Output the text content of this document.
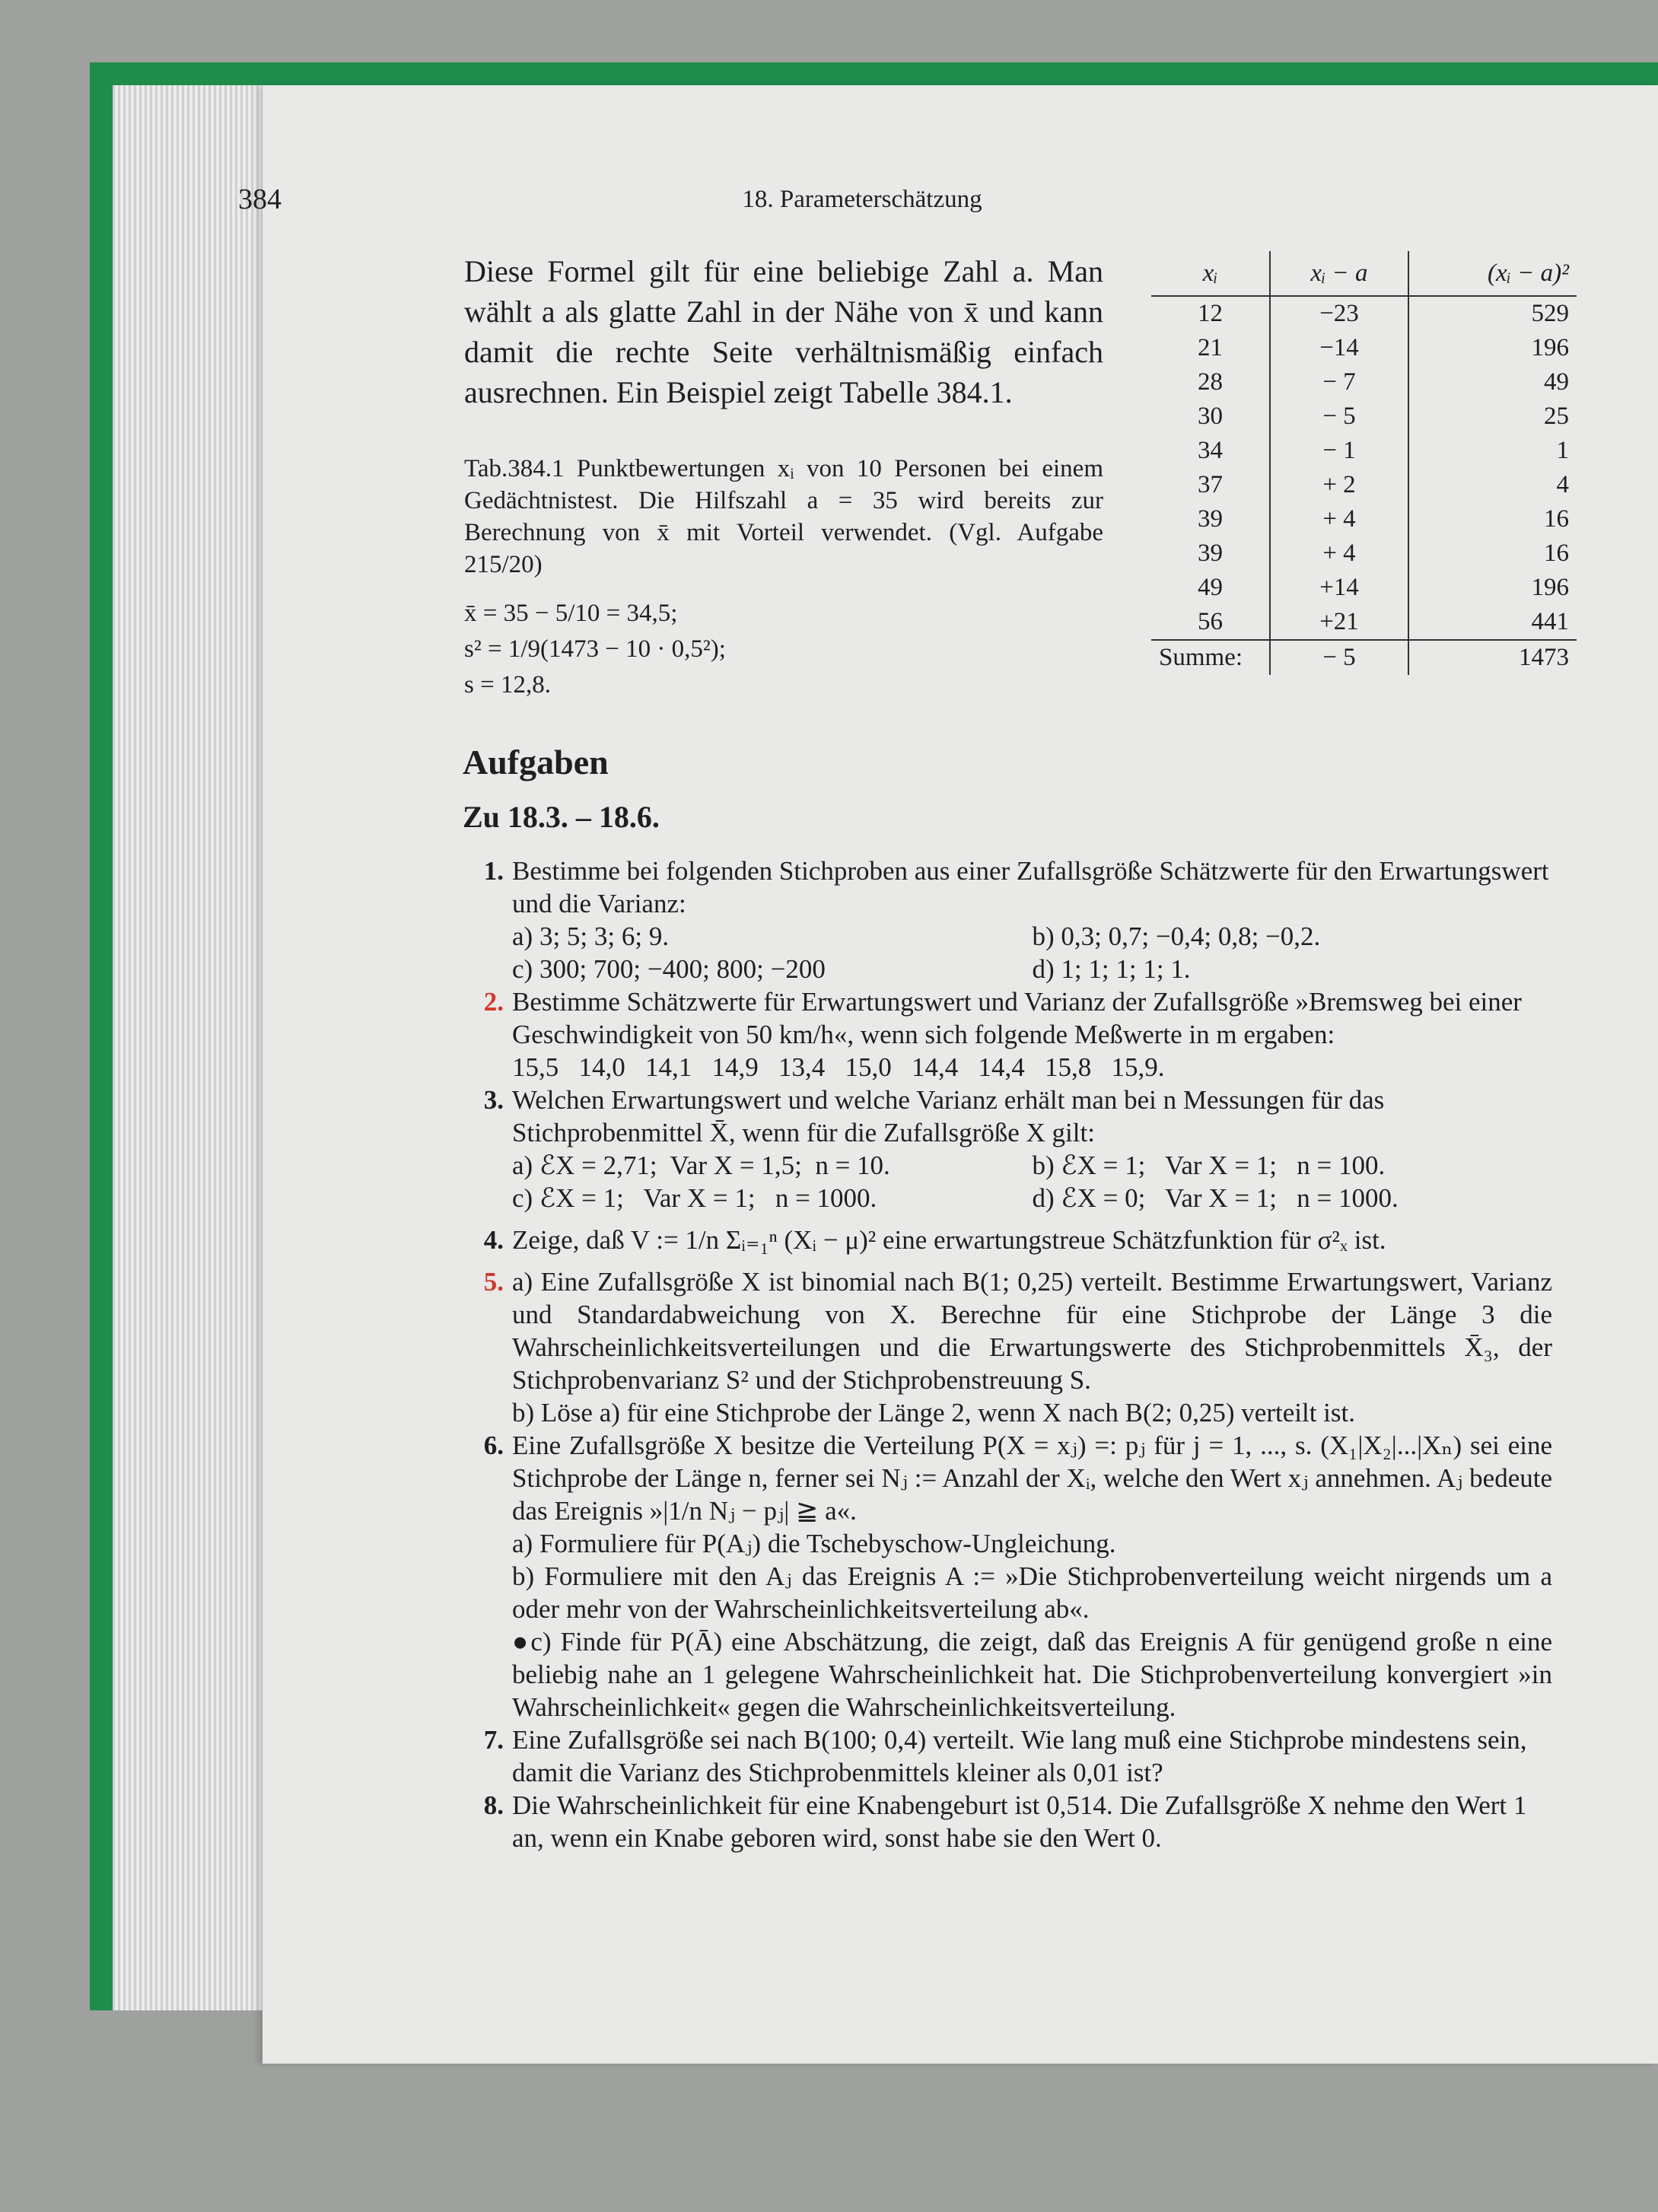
384	18. Parameterschätzung
Diese Formel gilt für eine beliebige Zahl a. Man wählt a als glatte Zahl in der Nähe von x̄ und kann damit die rechte Seite verhältnismäßig einfach ausrechnen. Ein Beispiel zeigt Tabelle 384.1.
Tab.384.1 Punktbewertungen xᵢ von 10 Personen bei einem Gedächtnistest. Die Hilfszahl a = 35 wird bereits zur Berechnung von x̄ mit Vorteil verwendet. (Vgl. Aufgabe 215/20)
x̄ = 35 − 5/10 = 34,5;
s² = 1/9(1473 − 10 · 0,5²);
s = 12,8.
xᵢ	xᵢ − a	(xᵢ − a)²
12	−23	529
21	−14	196
28	− 7	49
30	− 5	25
34	− 1	1
37	+ 2	4
39	+ 4	16
39	+ 4	16
49	+14	196
56	+21	441
Summe:	− 5	1473
Aufgaben
Zu 18.3. – 18.6.
1. Bestimme bei folgenden Stichproben aus einer Zufallsgröße Schätzwerte für den Erwartungswert und die Varianz:
a) 3; 5; 3; 6; 9.	b) 0,3; 0,7; −0,4; 0,8; −0,2.
c) 300; 700; −400; 800; −200	d) 1; 1; 1; 1; 1.
2. Bestimme Schätzwerte für Erwartungswert und Varianz der Zufallsgröße »Bremsweg bei einer Geschwindigkeit von 50 km/h«, wenn sich folgende Meßwerte in m ergaben:
15,5   14,0   14,1   14,9   13,4   15,0   14,4   14,4   15,8   15,9.
3. Welchen Erwartungswert und welche Varianz erhält man bei n Messungen für das Stichprobenmittel X̄, wenn für die Zufallsgröße X gilt:
a) ℰX = 2,71;  Var X = 1,5;  n = 10.	b) ℰX = 1;   Var X = 1;   n = 100.
c) ℰX = 1;   Var X = 1;   n = 1000.	d) ℰX = 0;   Var X = 1;   n = 1000.
4. Zeige, daß V := 1/n Σᵢ₌₁ⁿ (Xᵢ − μ)² eine erwartungstreue Schätzfunktion für σ²ₓ ist.
5. a) Eine Zufallsgröße X ist binomial nach B(1; 0,25) verteilt. Bestimme Erwartungswert, Varianz und Standardabweichung von X. Berechne für eine Stichprobe der Länge 3 die Wahrscheinlichkeitsverteilungen und die Erwartungswerte des Stichprobenmittels X̄₃, der Stichprobenvarianz S² und der Stichprobenstreuung S.
b) Löse a) für eine Stichprobe der Länge 2, wenn X nach B(2; 0,25) verteilt ist.
6. Eine Zufallsgröße X besitze die Verteilung P(X = xⱼ) =: pⱼ für j = 1, ..., s. (X₁|X₂|...|Xₙ) sei eine Stichprobe der Länge n, ferner sei Nⱼ := Anzahl der Xᵢ, welche den Wert xⱼ annehmen. Aⱼ bedeute das Ereignis »|1/n Nⱼ − pⱼ| ≧ a«.
a) Formuliere für P(Aⱼ) die Tschebyschow-Ungleichung.
b) Formuliere mit den Aⱼ das Ereignis A := »Die Stichprobenverteilung weicht nirgends um a oder mehr von der Wahrscheinlichkeitsverteilung ab«.
●c) Finde für P(Ā) eine Abschätzung, die zeigt, daß das Ereignis A für genügend große n eine beliebig nahe an 1 gelegene Wahrscheinlichkeit hat. Die Stichprobenverteilung konvergiert »in Wahrscheinlichkeit« gegen die Wahrscheinlichkeitsverteilung.
7. Eine Zufallsgröße sei nach B(100; 0,4) verteilt. Wie lang muß eine Stichprobe mindestens sein, damit die Varianz des Stichprobenmittels kleiner als 0,01 ist?
8. Die Wahrscheinlichkeit für eine Knabengeburt ist 0,514. Die Zufallsgröße X nehme den Wert 1 an, wenn ein Knabe geboren wird, sonst habe sie den Wert 0.
